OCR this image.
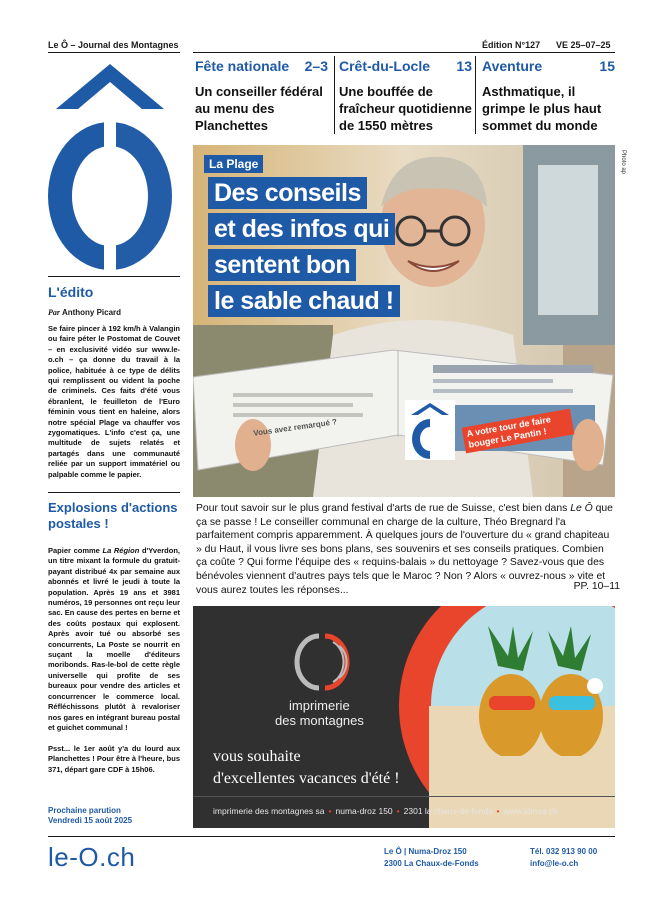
Le Ô – Journal des Montagnes	Édition N°127 VE 25–07–25
Fête nationale 2–3
Un conseiller fédéral au menu des Planchettes
Crêt-du-Locle 13
Une bouffée de fraîcheur quotidienne de 1550 mètres
Aventure	15
Asthmatique, il grimpe le plus haut sommet du monde
L'édito
Par Anthony Picard
Se faire pincer à 192 km/h à Valangin ou faire péter le Postomat de Couvet – en exclusivité vidéo sur www.le-o.ch – ça donne du travail à la police, habituée à ce type de délits qui remplissent ou vident la poche de criminels. Ces faits d'été vous ébranlent, le feuilleton de l'Euro féminin vous tient en haleine, alors notre spécial Plage va chauffer vos zygomatiques. L'info c'est ça, une multitude de sujets relatés et partagés dans une communauté reliée par un support immatériel ou palpable comme le papier.
Explosions d'actions postales !
Papier comme La Région d'Yverdon, un titre mixant la formule du gratuit-payant distribué 4x par semaine aux abonnés et livré le jeudi à toute la population. Après 19 ans et 3981 numéros, 19 personnes ont reçu leur sac. En cause des pertes en berne et des coûts postaux qui explosent. Après avoir tué ou absorbé ses concurrents, La Poste se nourrit en suçant la moelle d'éditeurs moribonds. Ras-le-bol de cette règle universelle qui profite de ses bureaux pour vendre des articles et concurrencer le commerce local. Réfléchissons plutôt à revaloriser nos gares en intégrant bureau postal et guichet communal !
Psst... le 1er août y'a du lourd aux Planchettes ! Pour être à l'heure, bus 371, départ gare CDF à 15h06.
Prochaine parution
Vendredi 15 août 2025
A votre tour de faire bouger Le Pantin !
Vous avez remarqué ?
Photo ap
La Plage
Des conseils
et des infos qui
sentent bon
le sable chaud !
Pour tout savoir sur le plus grand festival d'arts de rue de Suisse, c'est bien dans Le Ô que ça se passe ! Le conseiller communal en charge de la culture, Théo Bregnard l'a parfaitement compris apparemment. À quelques jours de l'ouverture du « grand chapiteau » du Haut, il vous livre ses bons plans, ses souvenirs et ses conseils pratiques. Combien ça coûte ? Qui forme l'équipe des « requins-balais » du nettoyage ? Savez-vous que des bénévoles viennent d'autres pays tels que le Maroc ? Non ? Alors « ouvrez-nous » vite et vous aurez toutes les réponses...	PP. 10–11
imprimerie
des montagnes
vous souhaite
d'excellentes vacances d'été !
imprimerie des montagnes sa • numa-droz 150 • 2301 la chaux-de-fonds • www.idmsa.ch
le-O.ch	Le Ô | Numa-Droz 150
2300 La Chaux-de-Fonds
Tél. 032 913 90 00
info@le-o.ch
